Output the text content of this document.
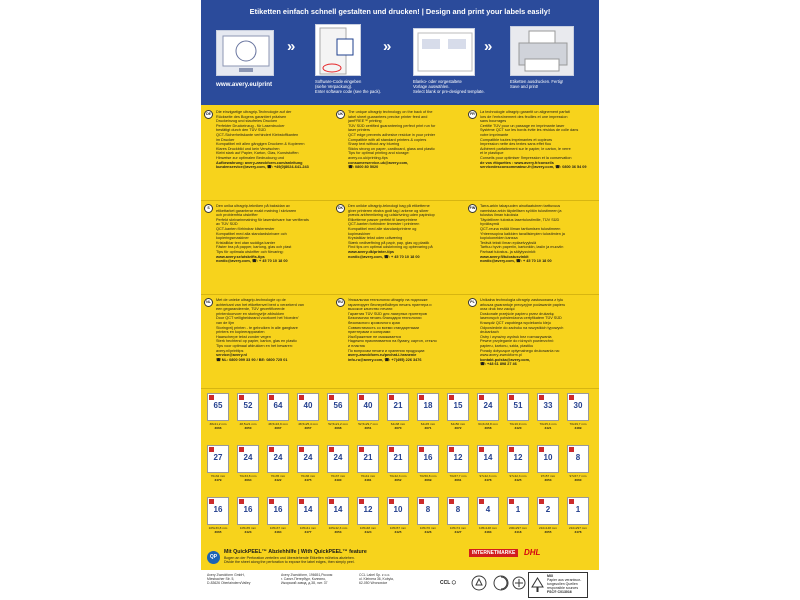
Etiketten einfach schnell gestalten und drucken! | Design and print your labels easily!
»	»	»
www.avery.eu/print	Software-Code eingeben
(siehe Verpackung).
Enter software code (see the pack).
Blanko- oder vorgestaltete
Vorlage auswählen.
Select blank or pre-designed template.
Etiketten ausdrucken. Fertig!
Save and print!
DE	Die einzigartige ultragrip-Technologie auf der
Rückseite des Bogens garantiert präzisen
Druckeinzug und staufreies Drucken
Perfekter Druckeinzug - für Laserdrucker
bestätigt durch den TÜV SÜD
QCT-Sicherheitskante verhindert Klebstoffkanten
im Drucker
Kompatibel mit allen gängigen Druckern & Kopierern
Klares Druckbild und kein Verwischen
Klebt stark auf Papier, Karton, Glas, Kunststoffen
Hinweise zur optimalen Bedruckung und
Aufbewahrung: avery-zweckform.com/anleitung
kundenservice@avery.com, ☎: +49(0)8024-641-243
UK	The unique ultragrip technology on the back of the
label sheet guarantees precise printer feed and
jamFREE™ printing
TÜV SÜD certified guaranteeing perfect print run for
laser printers
QCT edge prevents adhesive residue in your printer
Compatible with all standard printers & copiers
Sharp text without any blurring
Sticks strong on paper, cardboard, glass and plastic
Tips for optimal printing and storage:
avery.co.uk/printing-tips
consumerservice-uk@avery.com,
☎: 0800 80 5020
FR	La technologie ultragrip garantit un alignement parfait
lors de l'entraînement des feuilles et une impression
sans bourrages
Certifié TÜV pour un passage en imprimante laser
Système QCT sur les bords évite les résidus de colle dans
votre imprimante
Compatible toutes imprimantes et copieurs
Impression nette des textes sans effet flou
Adhérent parfaitement sur le papier, le carton, le verre
et le plastique
Conseils pour optimiser l'impression et la conservation
de vos étiquettes : www.avery.fr/conseils
servicedesconsommateur-fr@avery.com, ☎: 0800 36 54 09
S	Den unika ultragrip-tekniken på baksidan av
etikettarket garanterar exakt matning i skrivaren
och problemfria utskrifter
Perfekt skrivarinmatning för laserskrivare har verifierats
av TÜV SÜD
QCT-kanten förhindrar klisterrester
Kompatibel med alla standardskrivare och
kopieringsmaskiner
Kristallklar text utan suddiga kanter
Fäster bra på papper, kartong, glas och plast
Tips för optimala utskrifter och förvaring:
www.avery.se/utskrifts-tips
nordic@avery.com, ☎: + 45 70 10 18 00
DK	Den unikke ultragrip-teknologi bag på etiketterne
giver printeren ekstra godt tag i arkene og sikrer
præcis arkfremføring og udskrivning uden papirstop
Etiketterne passer perfekt til laserprintere
QCT-kanten forhindrer limrester i printeren
Kompatibel med alle standardprintere og
kopimaskiner
Krystalklar tekst uden udtværing
Stærk vedhæftning på papir, pap, glas og plastik
Find tips om optimal udskrivning og opbevaring på
www.avery.dk/printer-tips
nordic@avery.com, ☎: + 45 70 10 18 00
FIN	Tarra-arkin takapuolen ainutlaatuinen tarttuvuus
varmistaa arkin täydellisen syötön tulostimeen ja
tulostus ilman tukoksia
Täydellinen tulostus lasertulostimille, TÜV SÜD
hyväksymä
QCT-reuna estää liiman tarttumisen tulostimeen
Yhteensopiva kaikkien tavallisimpien tulostimien ja
kopiokoneiden kanssa
Terävä teksti ilman epäselvyyksiä
Tarttuu hyvin paperiin, kartonkiin, lasiin ja muoviin
Parhaat tulostus- ja säilytysvinkit:
www.avery.fi/tulostusvinkit
nordic@avery.com, ☎: + 45 70 10 18 00
NL	Met de unieke ultragrip-technologie op de
achterkant van het etikettenvel bent u verzekerd van
een gegarandeerde, TÜV gecertificeerde
printerdoorvoer en storingvrije afdrukken
Door QCT veiligheidsrand voorkomt het 'bloeden'
van de lijm
Storingvrij printen - te gebruiken in alle gangbare
printers en kopieerapparaten
Haarscherpe tekst zonder vegen
Sterk hechtend op papier, karton, glas en plastic
Tips voor optimaal afdrukken en het bewaren:
avery.nl/printtips
service@avery.nl
☎ NL: 0800 099 33 90 / BE: 0800 725 01
RU	Уникальная технология ultragrip на подложке
гарантирует бесперебойную печать принтера и
высокое качество печати
Гарантия TÜV SÜD для лазерных принтеров
Безопасная печать благодаря технологии
безопасного кромочного края
Совместимость со всеми стандартными
принтерами и копирами
Изображение не смазывается
Надежно приклеивается на бумагу, картон, стекло
и пластик
По вопросам печати и хранения продукции:
avery-zweckform.ru/pechat-i-hranenie
info-ru@avery.com, ☎: +7(495) 226 3476
PL	Unikalna technologia ultragrip zastosowana z tyłu
arkusza gwarantuje precyzyjne podawanie papieru
oraz druk bez zacięć
Doskonałe przejście papieru przez drukarkę
laserowych potwierdzona certyfikatem TÜV SÜD
Krawędź QCT zapobiega wyciekaniu kleju
Odpowiednie do zadruku na wszystkich typowych
drukarkach
Ostry i wyraźny wydruk bez rozmazywania
Pewne przyleganie do różnych powierzchni:
papieru, kartonu, szkła, plastiku
Porady dotyczące optymalnego drukowania na:
www.avery-zweckform.pl
kontakt-polska@avery.com,
☎: +48 61 898 27 46
65
38x21,2 mm
3666
52
48,5x21 mm
3650
64
48,5x16,9 mm
3667
40
48,5x25,4 mm
3657
56
52,5x21,2 mm
3668
40
52,5x29,7 mm
3651
21
64x38 mm
3670
18
64x45 mm
3671
15
64x50 mm
3672
24
64,6x33,8 mm
3658
51
70x16,9 mm
3420
33
70x25,4 mm
3421
30
70x29,7 mm
3489
27
70x32 mm
3479
24
70x33,8 mm
3664
24
70x35 mm
3422
24
70x36 mm
3475
24
70x37 mm
3490
21
70x41 mm
3481
21
70x42,3 mm
3652
16
70x50,8 mm
3669
12
70x67,7 mm
3661
14
97x42,3 mm
3478
12
97x42,3 mm
3425
10
97x57 mm
3653
8
97x67,7 mm
3660
16
105x33,8 mm
3665
16
105x35 mm
3423
16
105x37 mm
3484
14
105x41 mm
3477
14
105x42,3 mm
3653
12
105x48 mm
3424
10
105x57 mm
3425
8
105x70 mm
3426
8
105x74 mm
3427
4
105x148 mm
3483
1
200x297 mm
3418
2
210x148 mm
3655
1
210x297 mm
3478
QP
Mit QuickPEEL™ Abziehhilfe | With QuickPEEL™ feature
Bogen an der Perforation zerteilen und überstehende Etiketten mühelos abziehen.
Divide the sheet along the perforation to expose the label edges, then simply peel.
INTERNETMARKE	DHL
Avery Zweckform GmbH,
Miesbacher Str. 5,
D-83626 Oberlaindern/Valley
Avery Zweckform, 196651,Россия
г. Санкт-Петербург, Колпино,
Ижорский завод, д.38, лит. 37
CCL Label Sp. z o.o.
ul. Kleinera 36, Kobyla,
62-050 Wronowice	CCL ⬡
MIX
Papier aus verantwor-
tungsvollen Quellen
responsible sources
FSC® C013016
